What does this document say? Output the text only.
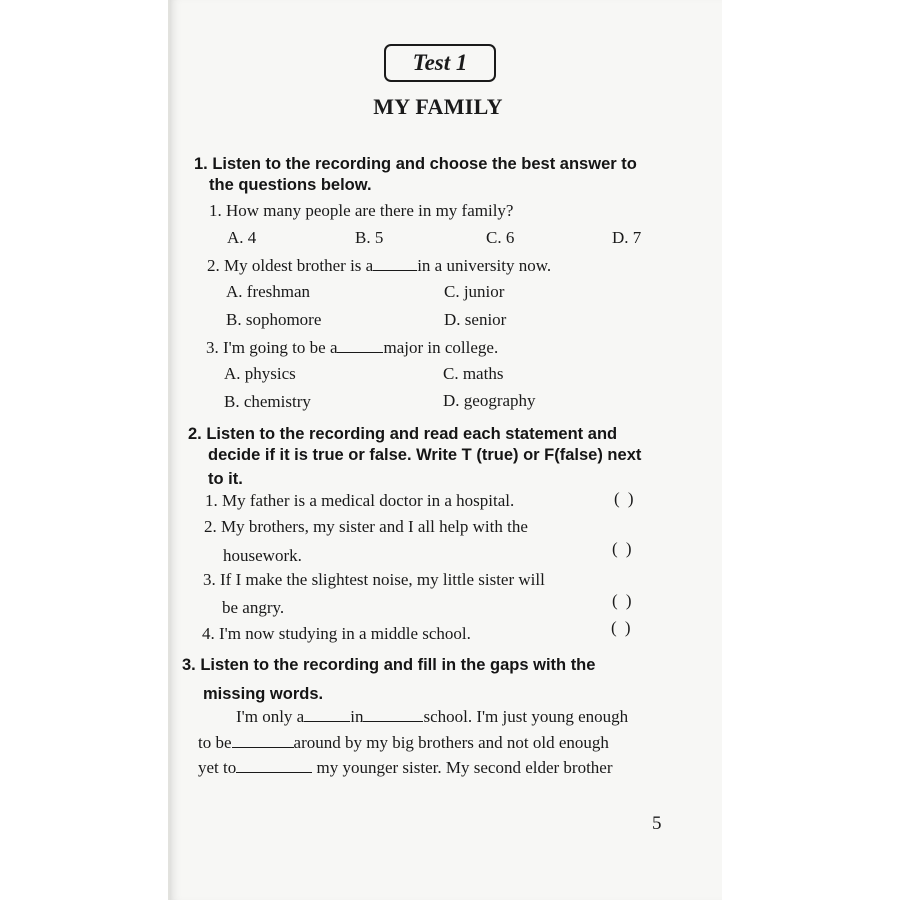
Test 1
MY FAMILY
1. Listen to the recording and choose the best answer to
the questions below.
1. How many people are there in my family?
A. 4	B. 5	C. 6	D. 7
2. My oldest brother is a	in a university now.
A. freshman	C. junior
B. sophomore	D. senior
3. I'm going to be a	major in college.
A. physics	C. maths
B. chemistry	D. geography
2. Listen to the recording and read each statement and
decide if it is true or false. Write T (true) or F(false) next
to it.
1. My father is a medical doctor in a hospital.	( )
2. My brothers, my sister and I all help with the
housework.	( )
3. If I make the slightest noise, my little sister will
be angry.	( )
4. I'm now studying in a middle school.	( )
3. Listen to the recording and fill in the gaps with the
missing words.
I'm only a	in	school. I'm just young enough
to be	around by my big brothers and not old enough
yet to	my younger sister. My second elder brother
5
